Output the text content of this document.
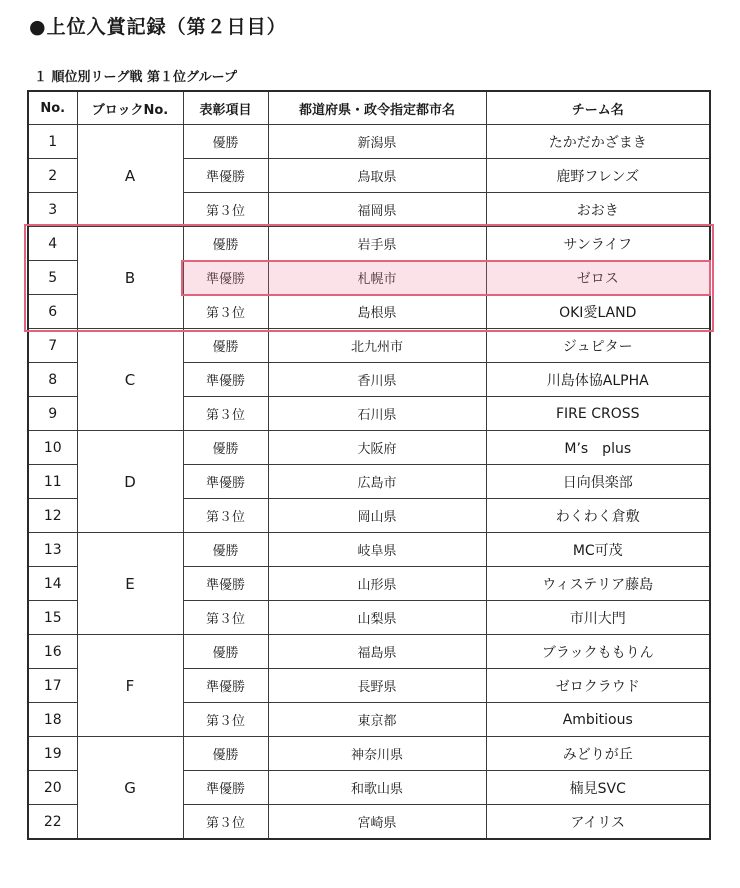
●上位入賞記録（第２日目）
１ 順位別リーグ戦 第１位グループ
No.	ブロックNo.	表彰項目	都道府県・政令指定都市名	チーム名
1	A	優勝	新潟県	たかだかざまき
2		準優勝	鳥取県	鹿野フレンズ
3		第３位	福岡県	おおき
4	B	優勝	岩手県	サンライフ
5		準優勝	札幌市	ゼロス
6		第３位	島根県	OKI愛LAND
7	C	優勝	北九州市	ジュピター
8		準優勝	香川県	川島体協ALPHA
9		第３位	石川県	FIRE CROSS
10	D	優勝	大阪府	M’s　plus
11		準優勝	広島市	日向倶楽部
12		第３位	岡山県	わくわく倉敷
13	E	優勝	岐阜県	MC可茂
14		準優勝	山形県	ウィステリア藤島
15		第３位	山梨県	市川大門
16	F	優勝	福島県	ブラックももりん
17		準優勝	長野県	ゼロクラウド
18		第３位	東京都	Ambitious
19	G	優勝	神奈川県	みどりが丘
20		準優勝	和歌山県	楠見SVC
22		第３位	宮崎県	アイリス
